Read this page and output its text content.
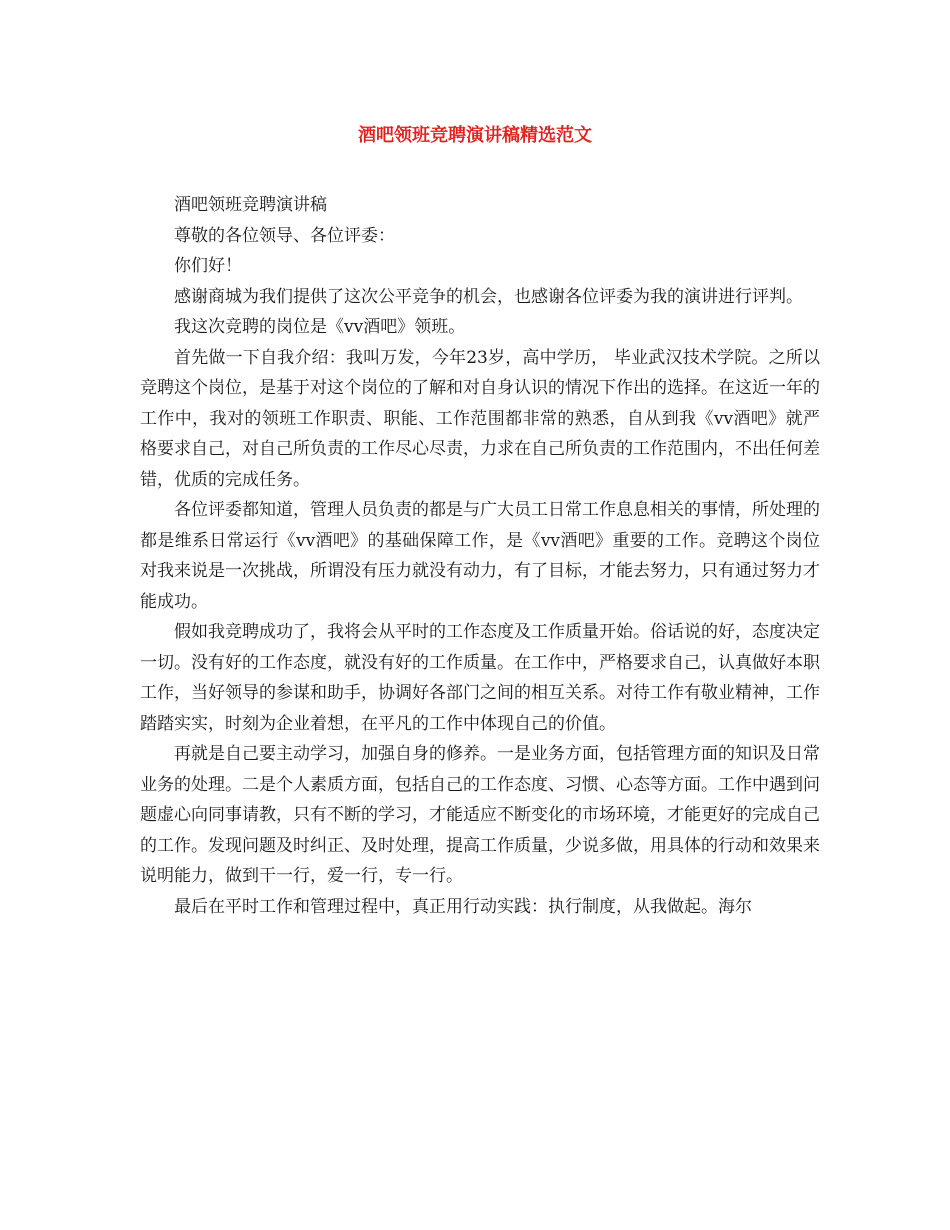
酒吧领班竞聘演讲稿精选范文

酒吧领班竞聘演讲稿

尊敬的各位领导、各位评委：

你们好！

感谢商城为我们提供了这次公平竞争的机会，也感谢各位评委为我的演讲进行评判。

我这次竞聘的岗位是《vv酒吧》领班。

首先做一下自我介绍：我叫万发，今年23岁，高中学历， 毕业武汉技术学院。之所以竞聘这个岗位，是基于对这个岗位的了解和对自身认识的情况下作出的选择。在这近一年的工作中，我对的领班工作职责、职能、工作范围都非常的熟悉，自从到我《vv酒吧》就严格要求自己，对自己所负责的工作尽心尽责，力求在自己所负责的工作范围内，不出任何差错，优质的完成任务。

各位评委都知道，管理人员负责的都是与广大员工日常工作息息相关的事情，所处理的都是维系日常运行《vv酒吧》的基础保障工作，是《vv酒吧》重要的工作。竞聘这个岗位对我来说是一次挑战，所谓没有压力就没有动力，有了目标，才能去努力，只有通过努力才能成功。

假如我竞聘成功了，我将会从平时的工作态度及工作质量开始。俗话说的好，态度决定一切。没有好的工作态度，就没有好的工作质量。在工作中，严格要求自己，认真做好本职工作，当好领导的参谋和助手，协调好各部门之间的相互关系。对待工作有敬业精神，工作踏踏实实，时刻为企业着想，在平凡的工作中体现自己的价值。

再就是自己要主动学习，加强自身的修养。一是业务方面，包括管理方面的知识及日常业务的处理。二是个人素质方面，包括自己的工作态度、习惯、心态等方面。工作中遇到问题虚心向同事请教，只有不断的学习，才能适应不断变化的市场环境，才能更好的完成自己的工作。发现问题及时纠正、及时处理，提高工作质量，少说多做，用具体的行动和效果来说明能力，做到干一行，爱一行，专一行。

最后在平时工作和管理过程中，真正用行动实践：执行制度，从我做起。海尔
